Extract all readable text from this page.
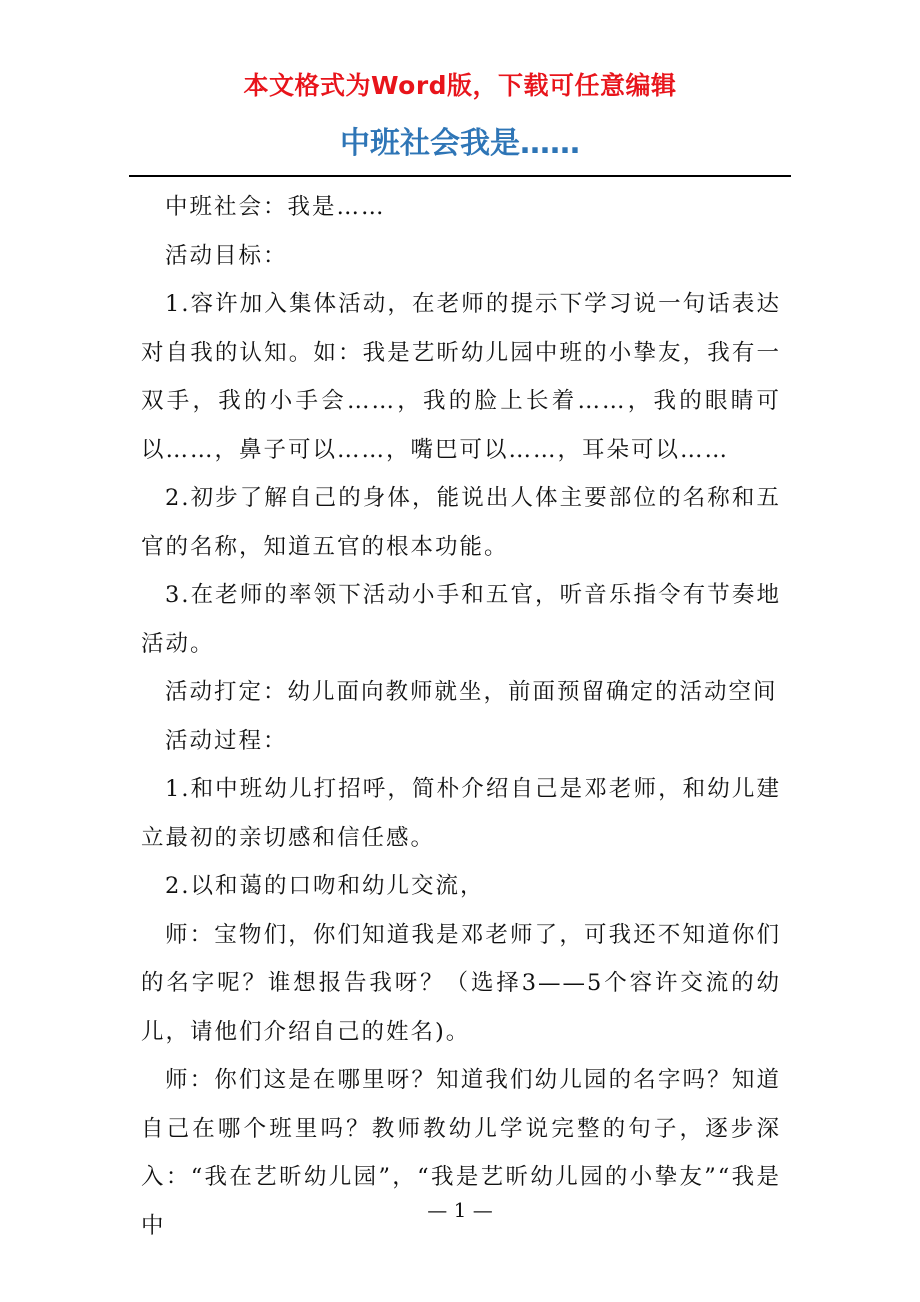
本文格式为Word版，下载可任意编辑
中班社会我是……

中班社会：我是……

活动目标：

1.容许加入集体活动，在老师的提示下学习说一句话表达对自我的认知。如：我是艺昕幼儿园中班的小挚友，我有一双手，我的小手会……，我的脸上长着……，我的眼睛可以……，鼻子可以……，嘴巴可以……，耳朵可以……

2.初步了解自己的身体，能说出人体主要部位的名称和五官的名称，知道五官的根本功能。

3.在老师的率领下活动小手和五官，听音乐指令有节奏地活动。

活动打定：幼儿面向教师就坐，前面预留确定的活动空间

活动过程：

1.和中班幼儿打招呼，简朴介绍自己是邓老师，和幼儿建立最初的亲切感和信任感。

2.以和蔼的口吻和幼儿交流，

师：宝物们，你们知道我是邓老师了，可我还不知道你们的名字呢？谁想报告我呀？（选择3——5个容许交流的幼儿，请他们介绍自己的姓名)。

师：你们这是在哪里呀？知道我们幼儿园的名字吗？知道自己在哪个班里吗？教师教幼儿学说完整的句子，逐步深入：“我在艺昕幼儿园”，“我是艺昕幼儿园的小挚友”“我是中

— 1 —
